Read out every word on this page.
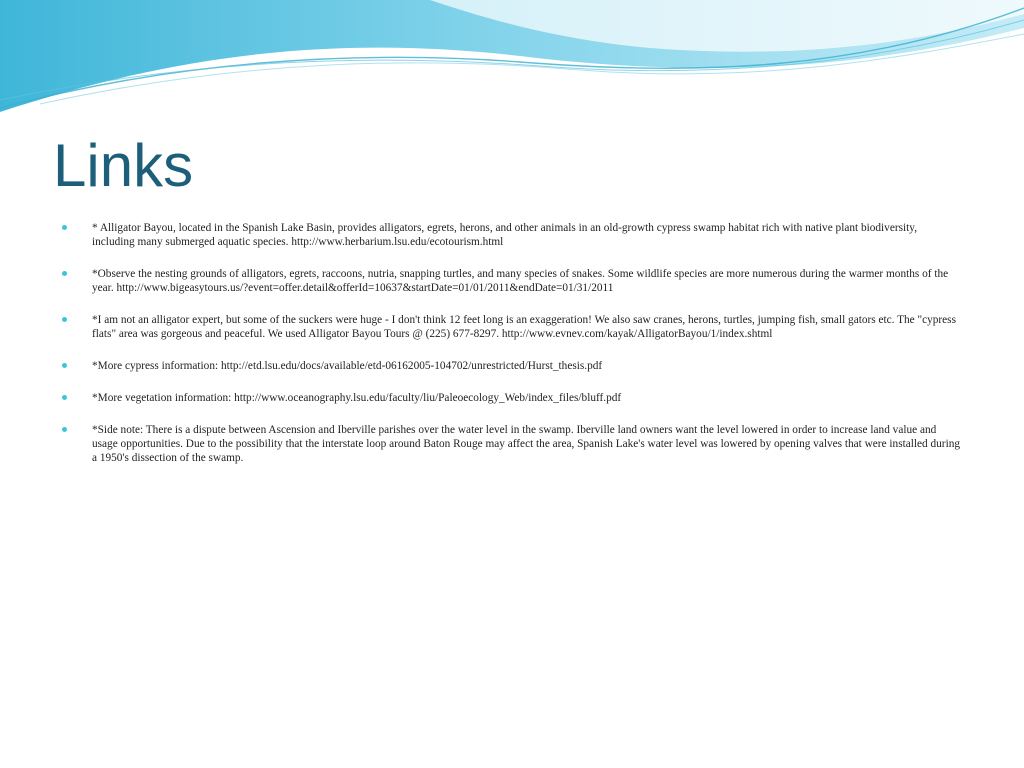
Links
* Alligator Bayou, located in the Spanish Lake Basin, provides alligators, egrets, herons, and other animals in an old-growth cypress swamp habitat rich with native plant biodiversity, including many submerged aquatic species. http://www.herbarium.lsu.edu/ecotourism.html
*Observe the nesting grounds of alligators, egrets, raccoons, nutria, snapping turtles, and many species of snakes. Some wildlife species are more numerous during the warmer months of the year. http://www.bigeasytours.us/?event=offer.detail&offerId=10637&startDate=01/01/2011&endDate=01/31/2011
*I am not an alligator expert, but some of the suckers were huge - I don't think 12 feet long is an exaggeration! We also saw cranes, herons, turtles, jumping fish, small gators etc. The "cypress flats" area was gorgeous and peaceful. We used Alligator Bayou Tours @ (225) 677-8297. http://www.evnev.com/kayak/AlligatorBayou/1/index.shtml
*More cypress information: http://etd.lsu.edu/docs/available/etd-06162005-104702/unrestricted/Hurst_thesis.pdf
*More vegetation information: http://www.oceanography.lsu.edu/faculty/liu/Paleoecology_Web/index_files/bluff.pdf
*Side note: There is a dispute between Ascension and Iberville parishes over the water level in the swamp. Iberville land owners want the level lowered in order to increase land value and usage opportunities. Due to the possibility that the interstate loop around Baton Rouge may affect the area, Spanish Lake's water level was lowered by opening valves that were installed during a 1950's dissection of the swamp.
